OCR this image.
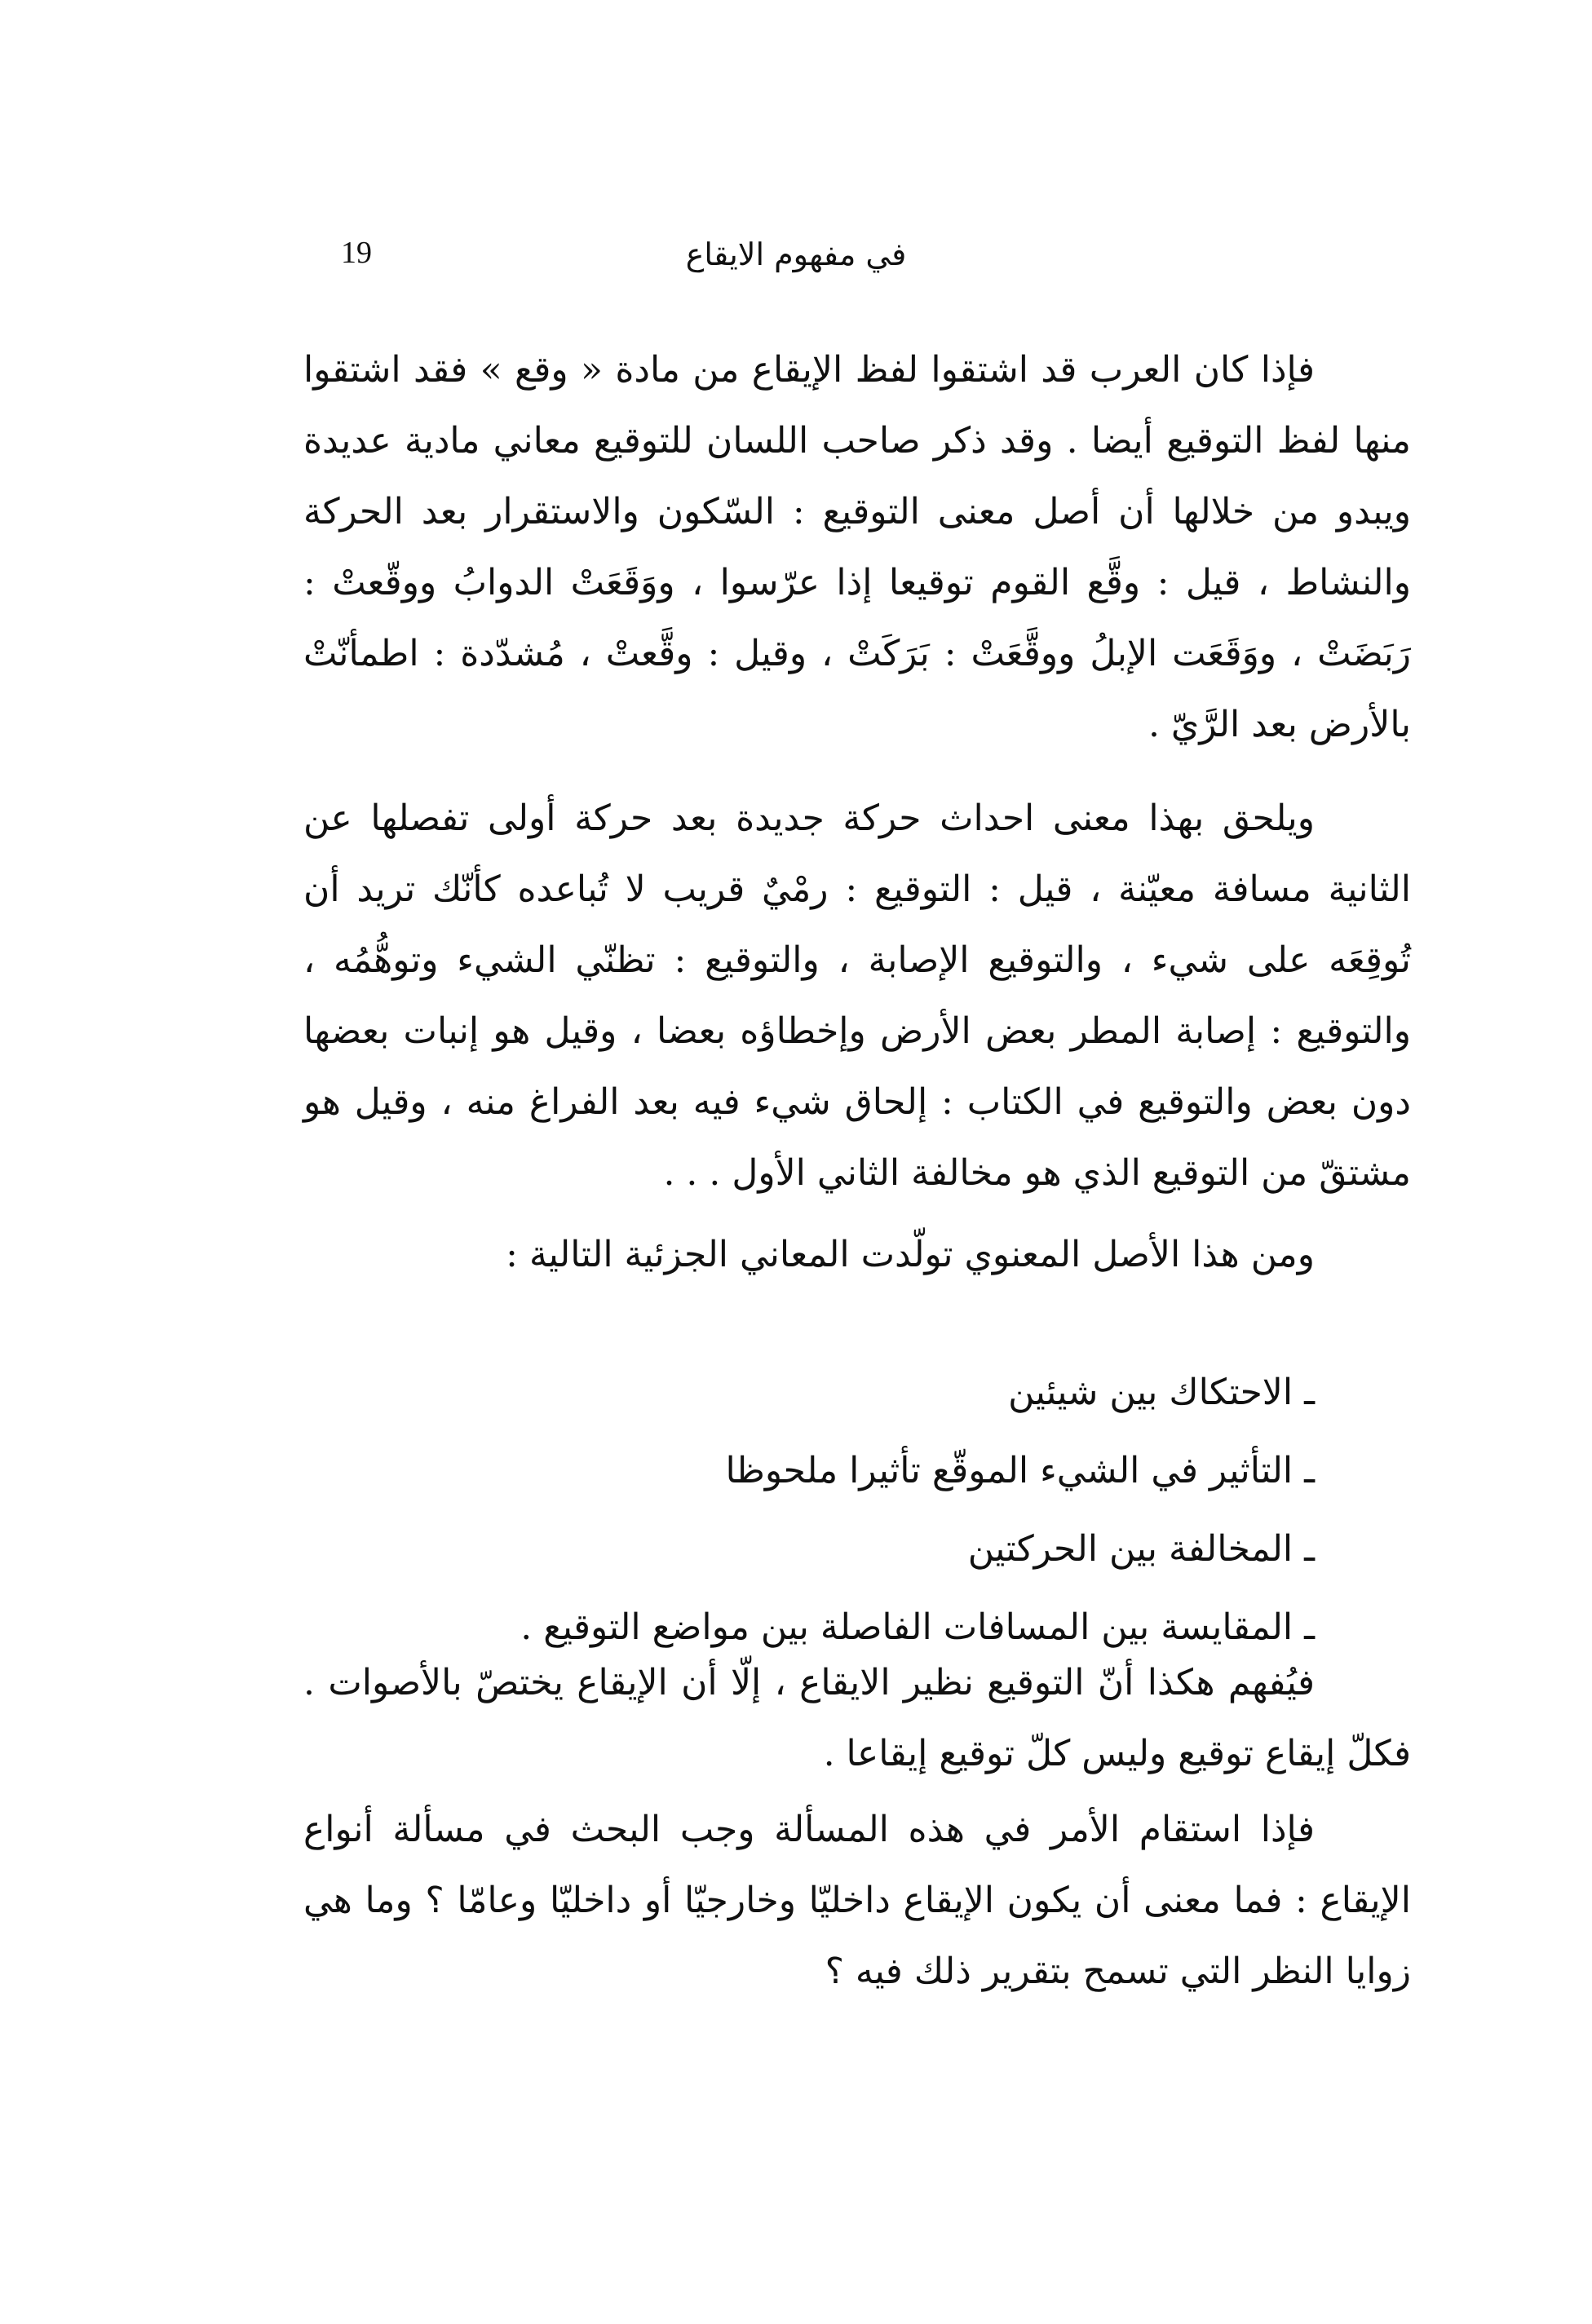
19	في مفهوم الايقاع

فإذا كان العرب قد اشتقوا لفظ الإيقاع من مادة « وقع » فقد اشتقوا منها لفظ التوقيع أيضا . وقد ذكر صاحب اللسان للتوقيع معاني مادية عديدة ويبدو من خلالها أن أصل معنى التوقيع : السّكون والاستقرار بعد الحركة والنشاط ، قيل : وقَّع القوم توقيعا إذا عرّسوا ، ووَقَعَتْ الدوابُ ووقّعتْ : رَبَضَتْ ، ووَقَعَت الإبلُ ووقَّعَتْ : بَرَكَتْ ، وقيل : وقَّعتْ ، مُشدّدة : اطمأنّتْ بالأرض بعد الرَّيّ .

ويلحق بهذا معنى احداث حركة جديدة بعد حركة أولى تفصلها عن الثانية مسافة معيّنة ، قيل : التوقيع : رمْيٌ قريب لا تُباعده كأنّك تريد أن تُوقِعَه على شيء ، والتوقيع الإصابة ، والتوقيع : تظنّي الشيء وتوهُّمُه ، والتوقيع : إصابة المطر بعض الأرض وإخطاؤه بعضا ، وقيل هو إنبات بعضها دون بعض والتوقيع في الكتاب : إلحاق شيء فيه بعد الفراغ منه ، وقيل هو مشتقّ من التوقيع الذي هو مخالفة الثاني الأول . . .

ومن هذا الأصل المعنوي تولّدت المعاني الجزئية التالية :

ـ الاحتكاك بين شيئين
ـ التأثير في الشيء الموقّع تأثيرا ملحوظا
ـ المخالفة بين الحركتين
ـ المقايسة بين المسافات الفاصلة بين مواضع التوقيع .

فيُفهم هكذا أنّ التوقيع نظير الايقاع ، إلّا أن الإيقاع يختصّ بالأصوات . فكلّ إيقاع توقيع وليس كلّ توقيع إيقاعا .

فإذا استقام الأمر في هذه المسألة وجب البحث في مسألة أنواع الإيقاع : فما معنى أن يكون الإيقاع داخليّا وخارجيّا أو داخليّا وعامّا ؟ وما هي زوايا النظر التي تسمح بتقرير ذلك فيه ؟
